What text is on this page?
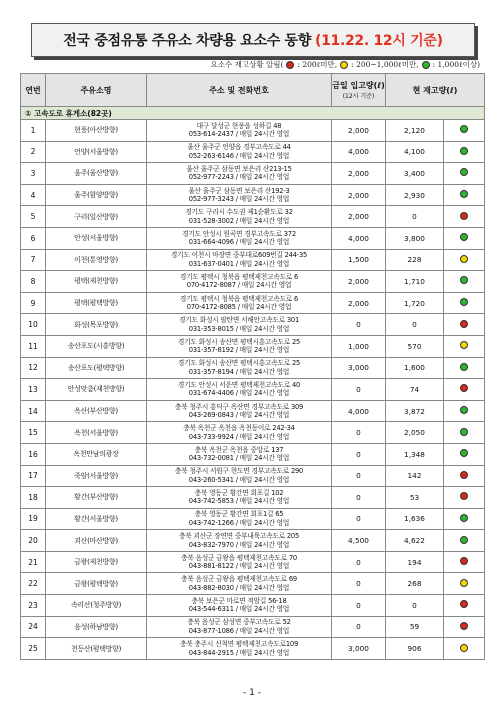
전국 중점유통 주유소 차량용 요소수 동향 (11.22. 12시 기준)
요소수 재고상황 알림( : 200ℓ미만, : 200~1,000ℓ미만, : 1,000ℓ이상)
연번	주유소명	주소 및 전화번호	금일 입고량(ℓ)
(12시 기준)	현 재고량(ℓ)	
① 고속도로 휴게소(82곳)					
1	현풍(아산방향)	대구 달성군 현풍읍 성하길 48
053-614-2437 / 매일 24시간 영업	2,000	2,120	
2	언양(서울방향)	울산 울주군 언양읍 경부고속도로 44
052-263-6146 / 매일 24시간 영업	4,000	4,100	
3	울주(울산방향)	울산 울주군 삼동면 보은리 산213-15
052-977-2243 / 매일 24시간 영업	2,000	3,400	
4	울주(함양방향)	울산 울주군 삼동면 보은리 산192-3
052-977-3243 / 매일 24시간 영업	2,000	2,930	
5	구리(일산방향)	경기도 구리시 수도권 제1순환도로 32
031-528-3002 / 매일 24시간 영업	2,000	0	
6	안성(서울방향)	경기도 안성시 원곡면 경부고속도로 372
031-664-4096 / 매일 24시간 영업	4,000	3,800	
7	이천(통영방향)	경기도 이천시 마장면 중부대로609번길 244-35
031-637-0401 / 매일 24시간 영업	1,500	228	
8	평택(제천방향)	경기도 평택시 청북읍 평택제천고속도로 6
070-4172-8087 / 매일 24시간 영업	2,000	1,710	
9	평택(평택방향)	경기도 평택시 청북읍 평택제천고속도로 6
070-4172-8085 / 매일 24시간 영업	2,000	1,720	
10	화성(목포방향)	경기도 화성시 팔탄면 서해안고속도로 301
031-353-8015 / 매일 24시간 영업	0	0	
11	송산포도(시흥방향)	경기도 화성시 송산면 평택시흥고속도로 25
031-357-8192 / 매일 24시간 영업	1,000	570	
12	송산포도(평택방향)	경기도 화성시 송산면 평택시흥고속도로 25
031-357-8194 / 매일 24시간 영업	3,000	1,600	
13	안성맞춤(제천방향)	경기도 안성시 서운면 평택제천고속도로 40
031-674-4406 / 매일 24시간 영업	0	74	
14	옥산(부산방향)	충북 청주시 흥덕구 옥산면 경부고속도로 309
043-269-0843 / 매일 24시간 영업	4,000	3,872	
15	옥천(서울방향)	충북 옥천군 옥천읍 옥천동이로 242-34
043-733-9924 / 매일 24시간 영업	0	2,050	
16	옥천만남의광장	충북 옥천군 옥천읍 중앙로 137
043-732-0081 / 매일 24시간 영업	0	1,348	
17	죽암(서울방향)	충북 청주시 서원구 현도면 경부고속도로 290
043-260-5341 / 매일 24시간 영업	0	142	
18	황간(부산방향)	충북 영동군 황간면 회포길 102
043-742-5853 / 매일 24시간 영업	0	53	
19	황간(서울방향)	충북 영동군 황간면 회포1길 65
043-742-1266 / 매일 24시간 영업	0	1,636	
20	괴산(마산방향)	충북 괴산군 장연면 중부내륙고속도로 205
043-832-7970 / 매일 24시간 영업	4,500	4,622	
21	금왕(제천방향)	충북 음성군 금왕읍 평택제천고속도로 70
043-881-8122 / 매일 24시간 영업	0	194	
22	금왕(평택방향)	충북 음성군 금왕읍 평택제천고속도로 69
043-882-8030 / 매일 24시간 영업	0	268	
23	속리산(청주방향)	충북 보은군 마로면 적암길 56-18
043-544-6311 / 매일 24시간 영업	0	0	
24	음성(하남방향)	충북 음성군 삼성면 중부고속도로 52
043-877-1086 / 매일 24시간 영업	0	59	
25	천등산(평택방향)	충북 충주시 신척면 평택제천고속도로109
043-844-2915 / 매일 24시간 영업	3,000	906	
- 1 -
